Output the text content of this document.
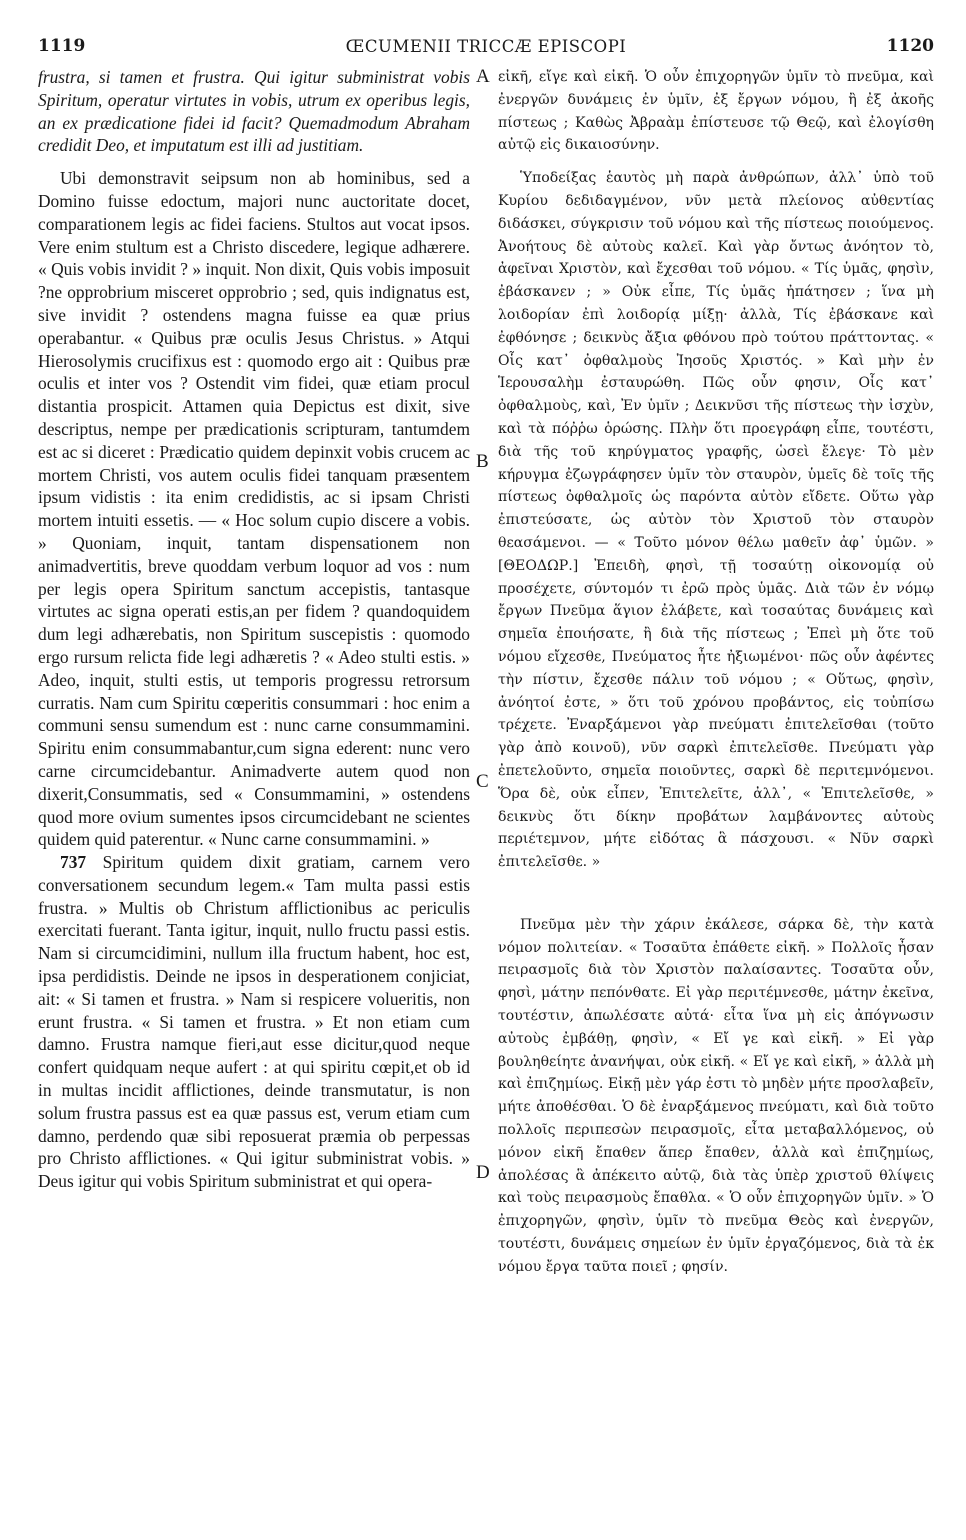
1119	ŒCUMENII TRICCÆ EPISCOPI	1120
A
B
C
D

frustra, si tamen et frustra. Qui igitur subministrat vobis Spiritum, operatur virtutes in vobis, utrum ex operibus legis, an ex prædicatione fidei id facit? Quemadmodum Abraham credidit Deo, et imputatum est illi ad justitiam.

Ubi demonstravit seipsum non ab hominibus, sed a Domino fuisse edoctum, majori nunc auctoritate docet, comparationem legis ac fidei faciens. Stultos aut vocat ipsos. Vere enim stultum est a Christo discedere, legique adhærere. « Quis vobis invidit ? » inquit. Non dixit, Quis vobis imposuit ?ne opprobrium misceret opprobrio ; sed, quis indignatus est, sive invidit ? ostendens magna fuisse ea quæ prius operabantur. « Quibus præ oculis Jesus Christus. » Atqui Hierosolymis crucifixus est : quomodo ergo ait : Quibus præ oculis et inter vos ? Ostendit vim fidei, quæ etiam procul distantia prospicit. Attamen quia Depictus est dixit, sive descriptus, nempe per prædicationis scripturam, tantumdem est ac si diceret : Prædicatio quidem depinxit vobis crucem ac mortem Christi, vos autem oculis fidei tanquam præsentem ipsum vidistis : ita enim credidistis, ac si ipsam Christi mortem intuiti essetis. — « Hoc solum cupio discere a vobis. » Quoniam, inquit, tantam dispensationem non animadvertitis, breve quoddam verbum loquor ad vos : num per legis opera Spiritum sanctum accepistis, tantasque virtutes ac signa operati estis,an per fidem ? quandoquidem dum legi adhærebatis, non Spiritum suscepistis : quomodo ergo rursum relicta fide legi adhæretis ? « Adeo stulti estis. » Adeo, inquit, stulti estis, ut temporis progressu retrorsum curratis. Nam cum Spiritu cœperitis consummari : hoc enim a communi sensu sumendum est : nunc carne consummamini. Spiritu enim consummabantur,cum signa ederent: nunc vero carne circumcidebantur. Animadverte autem quod non dixerit,Consummatis, sed « Consummamini, » ostendens quod more ovium sumentes ipsos circumcidebant ne scientes quidem quid paterentur. « Nunc carne consummamini. »

737 Spiritum quidem dixit gratiam, carnem vero conversationem secundum legem.« Tam multa passi estis frustra. » Multis ob Christum afflictionibus ac periculis exercitati fuerant. Tanta igitur, inquit, nullo fructu passi estis. Nam si circumcidimini, nullum illa fructum habent, hoc est, ipsa perdidistis. Deinde ne ipsos in desperationem conjiciat, ait: « Si tamen et frustra. » Nam si respicere volueritis, non erunt frustra. « Si tamen et frustra. » Et non etiam cum damno. Frustra namque fieri,aut esse dicitur,quod neque confert quidquam neque aufert : at qui spiritu cœpit,et ob id in multas incidit afflictiones, deinde transmutatur, is non solum frustra passus est ea quæ passus est, verum etiam cum damno, perdendo quæ sibi reposuerat præmia ob perpessas pro Christo afflictiones. « Qui igitur subministrat vobis. » Deus igitur qui vobis Spiritum subministrat et qui opera-

εἰκῆ, εἴγε καὶ εἰκῆ. Ὁ οὖν ἐπιχορηγῶν ὑμῖν τὸ πνεῦμα, καὶ ἐνεργῶν δυνάμεις ἐν ὑμῖν, ἐξ ἔργων νόμου, ἢ ἐξ ἀκοῆς πίστεως ; Καθὼς Ἀβραὰμ ἐπίστευσε τῷ Θεῷ, καὶ ἐλογίσθη αὐτῷ εἰς δικαιοσύνην.

Ὑποδείξας ἑαυτὸς μὴ παρὰ ἀνθρώπων, ἀλλ᾽ ὑπὸ τοῦ Κυρίου δεδιδαγμένον, νῦν μετὰ πλείονος αὐθεντίας διδάσκει, σύγκρισιν τοῦ νόμου καὶ τῆς πίστεως ποιούμενος. Ἀνοήτους δὲ αὐτοὺς καλεῖ. Καὶ γὰρ ὄντως ἀνόητον τὸ, ἀφεῖναι Χριστὸν, καὶ ἔχεσθαι τοῦ νόμου. « Τίς ὑμᾶς, φησὶν, ἐβάσκανεν ; » Οὐκ εἶπε, Τίς ὑμᾶς ἠπάτησεν ; ἵνα μὴ λοιδορίαν ἐπὶ λοιδορίᾳ μίξῃ· ἀλλὰ, Τίς ἐβάσκανε καὶ ἐφθόνησε ; δεικνὺς ἄξια φθόνου πρὸ τούτου πράττοντας. « Οἷς κατ᾽ ὀφθαλμοὺς Ἰησοῦς Χριστός. » Καὶ μὴν ἐν Ἱερουσαλὴμ ἐσταυρώθη. Πῶς οὖν φησιν, Οἷς κατ᾽ ὀφθαλμοὺς, καὶ, Ἐν ὑμῖν ; Δεικνῦσι τῆς πίστεως τὴν ἰσχὺν, καὶ τὰ πόῤῥω ὁρώσης. Πλὴν ὅτι προεγράφη εἶπε, τουτέστι, διὰ τῆς τοῦ κηρύγματος γραφῆς, ὡσεὶ ἔλεγε· Τὸ μὲν κήρυγμα ἐζωγράφησεν ὑμῖν τὸν σταυρὸν, ὑμεῖς δὲ τοῖς τῆς πίστεως ὀφθαλμοῖς ὡς παρόντα αὐτὸν εἴδετε. Οὕτω γὰρ ἐπιστεύσατε, ὡς αὐτὸν τὸν Χριστοῦ τὸν σταυρὸν θεασάμενοι. — « Τοῦτο μόνον θέλω μαθεῖν ἀφ᾽ ὑμῶν. » [ΘΕΟΔΩΡ.] Ἐπειδὴ, φησὶ, τῇ τοσαύτῃ οἰκονομίᾳ οὐ προσέχετε, σύντομόν τι ἐρῶ πρὸς ὑμᾶς. Διὰ τῶν ἐν νόμῳ ἔργων Πνεῦμα ἅγιον ἐλάβετε, καὶ τοσαύτας δυνάμεις καὶ σημεῖα ἐποιήσατε, ἢ διὰ τῆς πίστεως ; Ἐπεὶ μὴ ὅτε τοῦ νόμου εἴχεσθε, Πνεύματος ἦτε ἠξιωμένοι· πῶς οὖν ἀφέντες τὴν πίστιν, ἔχεσθε πάλιν τοῦ νόμου ; « Οὕτως, φησὶν, ἀνόητοί ἐστε, » ὅτι τοῦ χρόνου προβάντος, εἰς τοὐπίσω τρέχετε. Ἐναρξάμενοι γὰρ πνεύματι ἐπιτελεῖσθαι (τοῦτο γὰρ ἀπὸ κοινοῦ), νῦν σαρκὶ ἐπιτελεῖσθε. Πνεύματι γὰρ ἐπετελοῦντο, σημεῖα ποιοῦντες, σαρκὶ δὲ περιτεμνόμενοι. Ὅρα δὲ, οὐκ εἶπεν, Ἐπιτελεῖτε, ἀλλ᾽, « Ἐπιτελεῖσθε, » δεικνὺς ὅτι δίκην προβάτων λαμβάνοντες αὐτοὺς περιέτεμνον, μήτε εἰδότας ἃ πάσχουσι. « Νῦν σαρκὶ ἐπιτελεῖσθε. »

Πνεῦμα μὲν τὴν χάριν ἐκάλεσε, σάρκα δὲ, τὴν κατὰ νόμον πολιτείαν. « Τοσαῦτα ἐπάθετε εἰκῆ. » Πολλοῖς ἦσαν πειρασμοῖς διὰ τὸν Χριστὸν παλαίσαντες. Τοσαῦτα οὖν, φησὶ, μάτην πεπόνθατε. Εἰ γὰρ περιτέμνεσθε, μάτην ἐκεῖνα, τουτέστιν, ἀπωλέσατε αὐτά· εἶτα ἵνα μὴ εἰς ἀπόγνωσιν αὐτοὺς ἐμβάθῃ, φησὶν, « Εἴ γε καὶ εἰκῆ. » Εἰ γὰρ βουληθείητε ἀνανήψαι, οὐκ εἰκῆ. « Εἴ γε καὶ εἰκῆ, » ἀλλὰ μὴ καὶ ἐπιζημίως. Εἰκῇ μὲν γάρ ἐστι τὸ μηδὲν μήτε προσλαβεῖν, μήτε ἀποθέσθαι. Ὁ δὲ ἐναρξάμενος πνεύματι, καὶ διὰ τοῦτο πολλοῖς περιπεσὼν πειρασμοῖς, εἶτα μεταβαλλόμενος, οὐ μόνον εἰκῆ ἔπαθεν ἅπερ ἔπαθεν, ἀλλὰ καὶ ἐπιζημίως, ἀπολέσας ἃ ἀπέκειτο αὐτῷ, διὰ τὰς ὑπὲρ χριστοῦ θλίψεις καὶ τοὺς πειρασμοὺς ἔπαθλα. « Ὁ οὖν ἐπιχορηγῶν ὑμῖν. » Ὁ ἐπιχορηγῶν, φησὶν, ὑμῖν τὸ πνεῦμα Θεὸς καὶ ἐνεργῶν, τουτέστι, δυνάμεις σημείων ἐν ὑμῖν ἐργαζόμενος, διὰ τὰ ἐκ νόμου ἔργα ταῦτα ποιεῖ ; φησίν.
